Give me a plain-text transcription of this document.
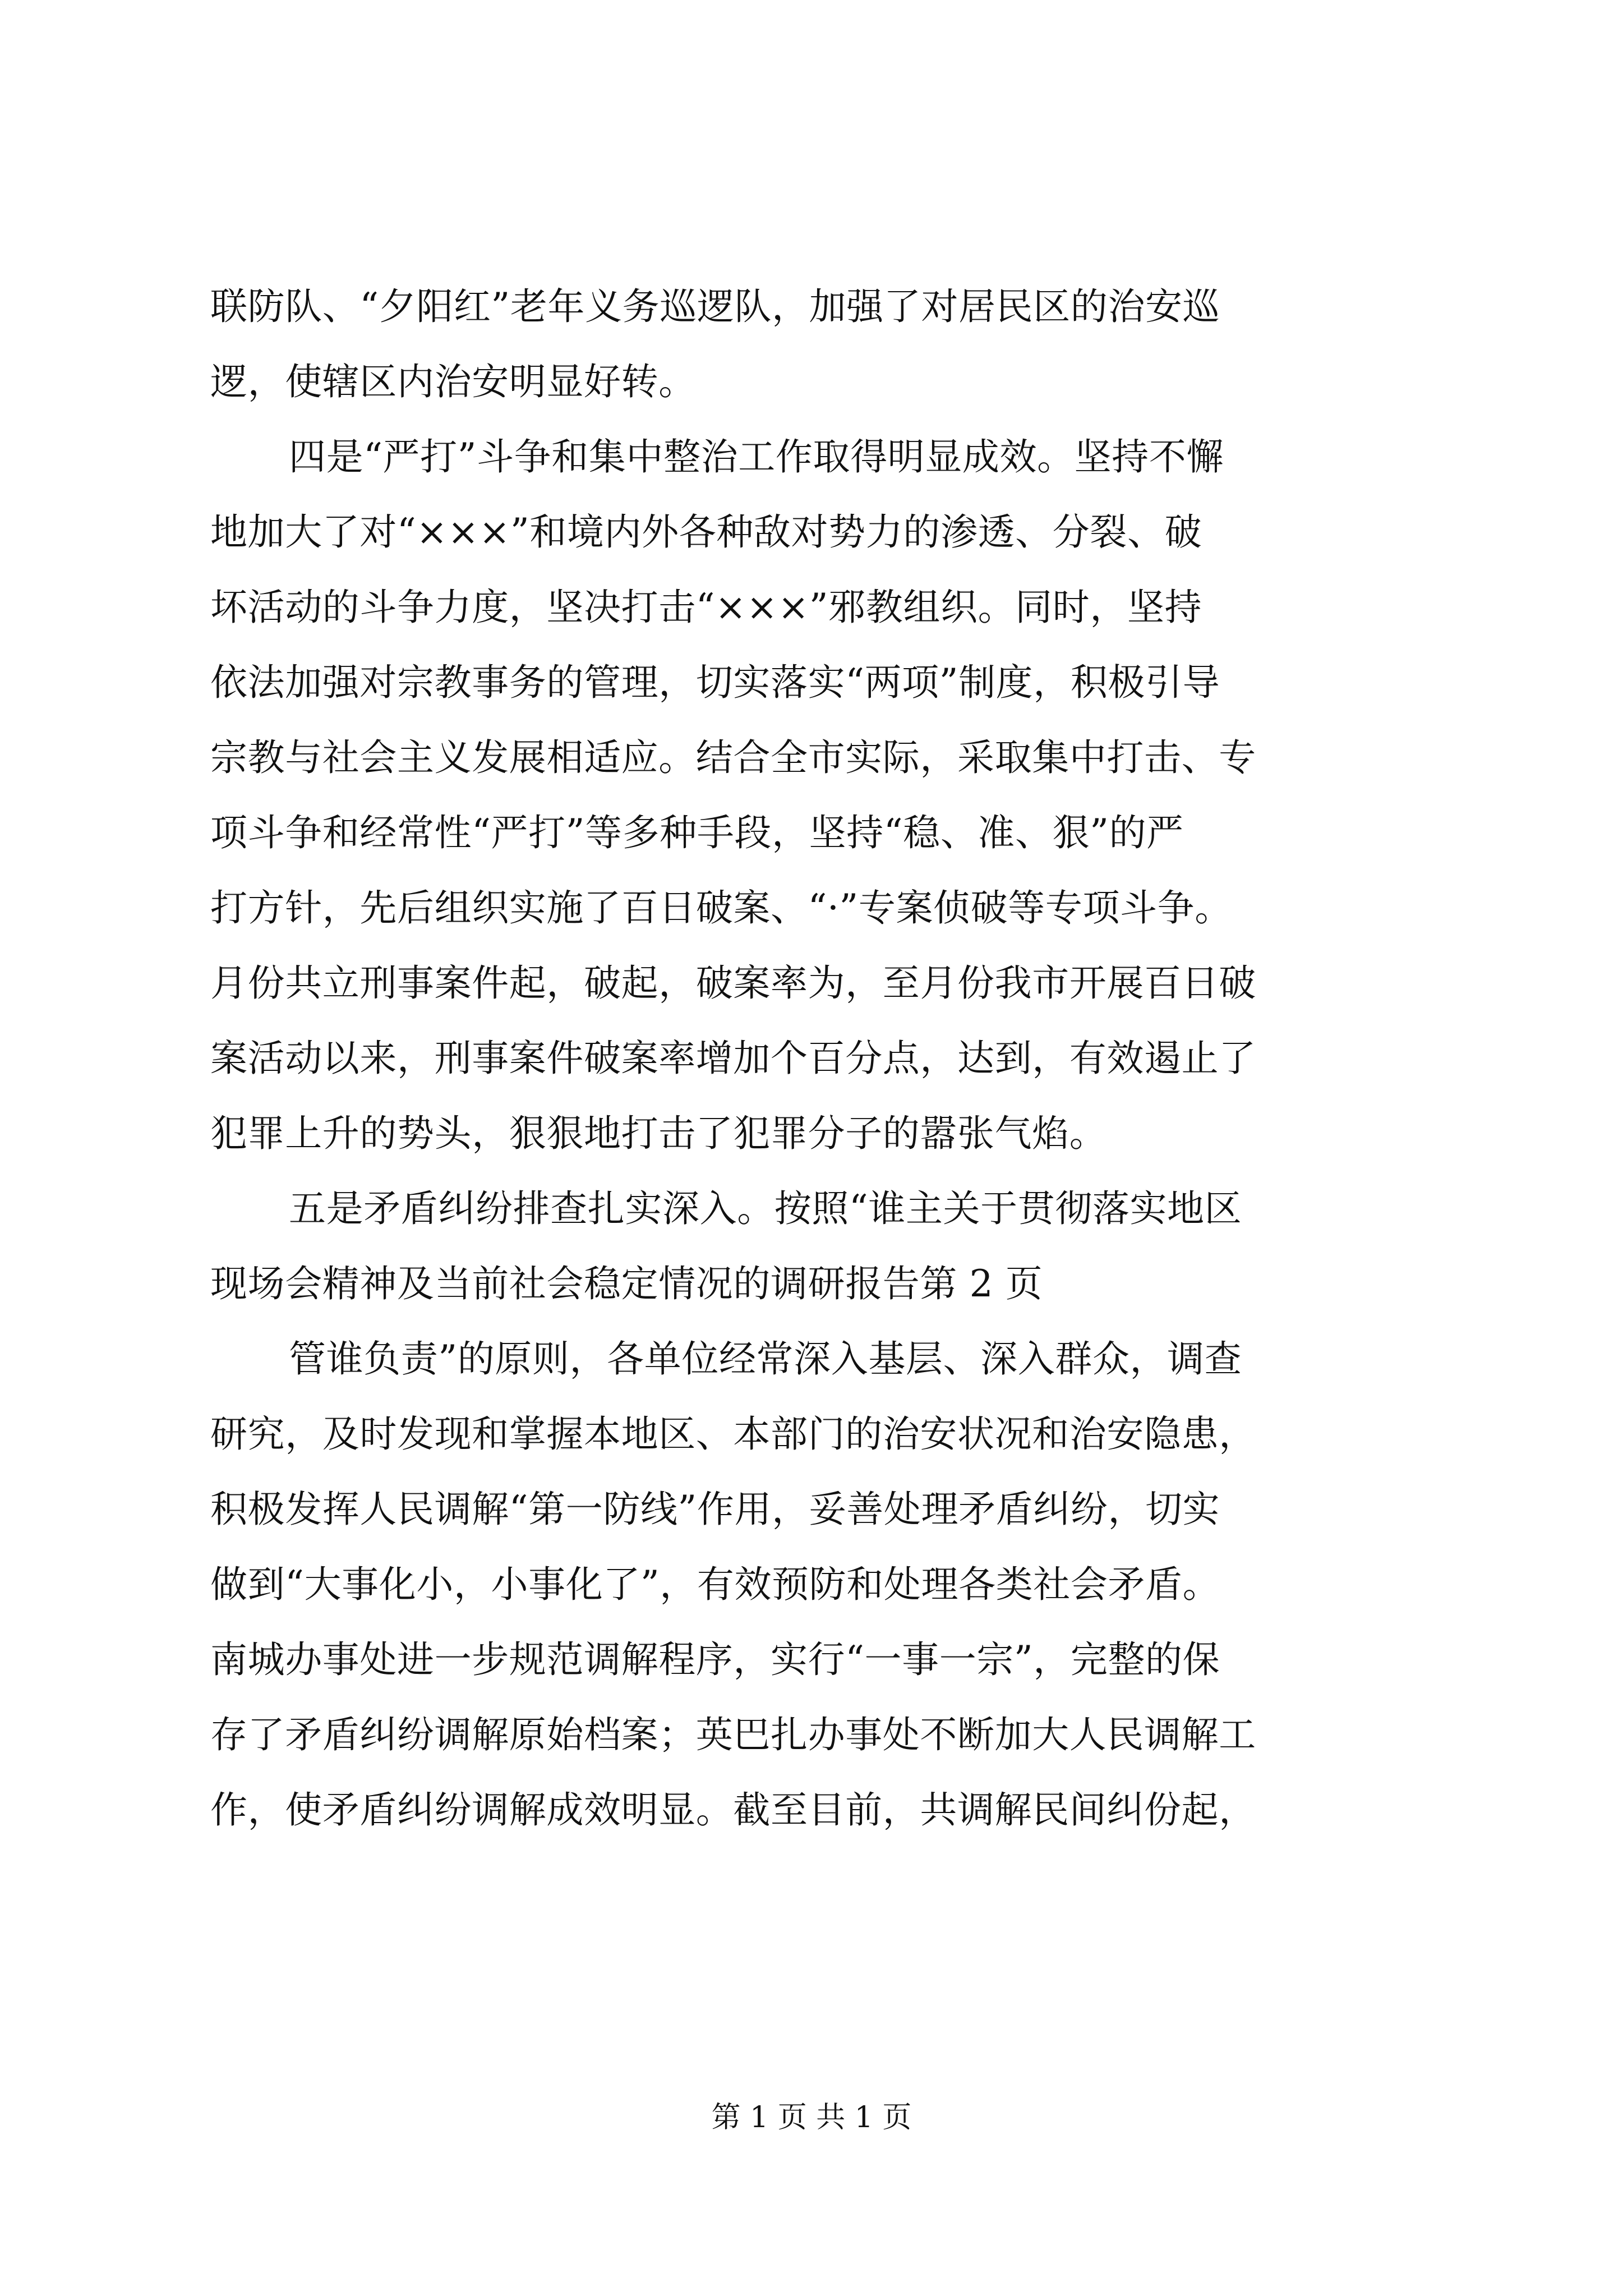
联防队、“夕阳红”老年义务巡逻队，加强了对居民区的治安巡
逻，使辖区内治安明显好转。
四是“严打”斗争和集中整治工作取得明显成效。坚持不懈
地加大了对“×××”和境内外各种敌对势力的渗透、分裂、破
坏活动的斗争力度，坚决打击“×××”邪教组织。同时，坚持
依法加强对宗教事务的管理，切实落实“两项”制度，积极引导
宗教与社会主义发展相适应。结合全市实际，采取集中打击、专
项斗争和经常性“严打”等多种手段，坚持“稳、准、狠”的严
打方针，先后组织实施了百日破案、“·”专案侦破等专项斗争。
月份共立刑事案件起，破起，破案率为，至月份我市开展百日破
案活动以来，刑事案件破案率增加个百分点，达到，有效遏止了
犯罪上升的势头，狠狠地打击了犯罪分子的嚣张气焰。
五是矛盾纠纷排查扎实深入。按照“谁主关于贯彻落实地区
现场会精神及当前社会稳定情况的调研报告第 2 页
管谁负责”的原则，各单位经常深入基层、深入群众，调查
研究，及时发现和掌握本地区、本部门的治安状况和治安隐患，
积极发挥人民调解“第一防线”作用，妥善处理矛盾纠纷，切实
做到“大事化小，小事化了”，有效预防和处理各类社会矛盾。
南城办事处进一步规范调解程序，实行“一事一宗”，完整的保
存了矛盾纠纷调解原始档案；英巴扎办事处不断加大人民调解工
作，使矛盾纠纷调解成效明显。截至目前，共调解民间纠份起，
第 1 页 共 1 页
